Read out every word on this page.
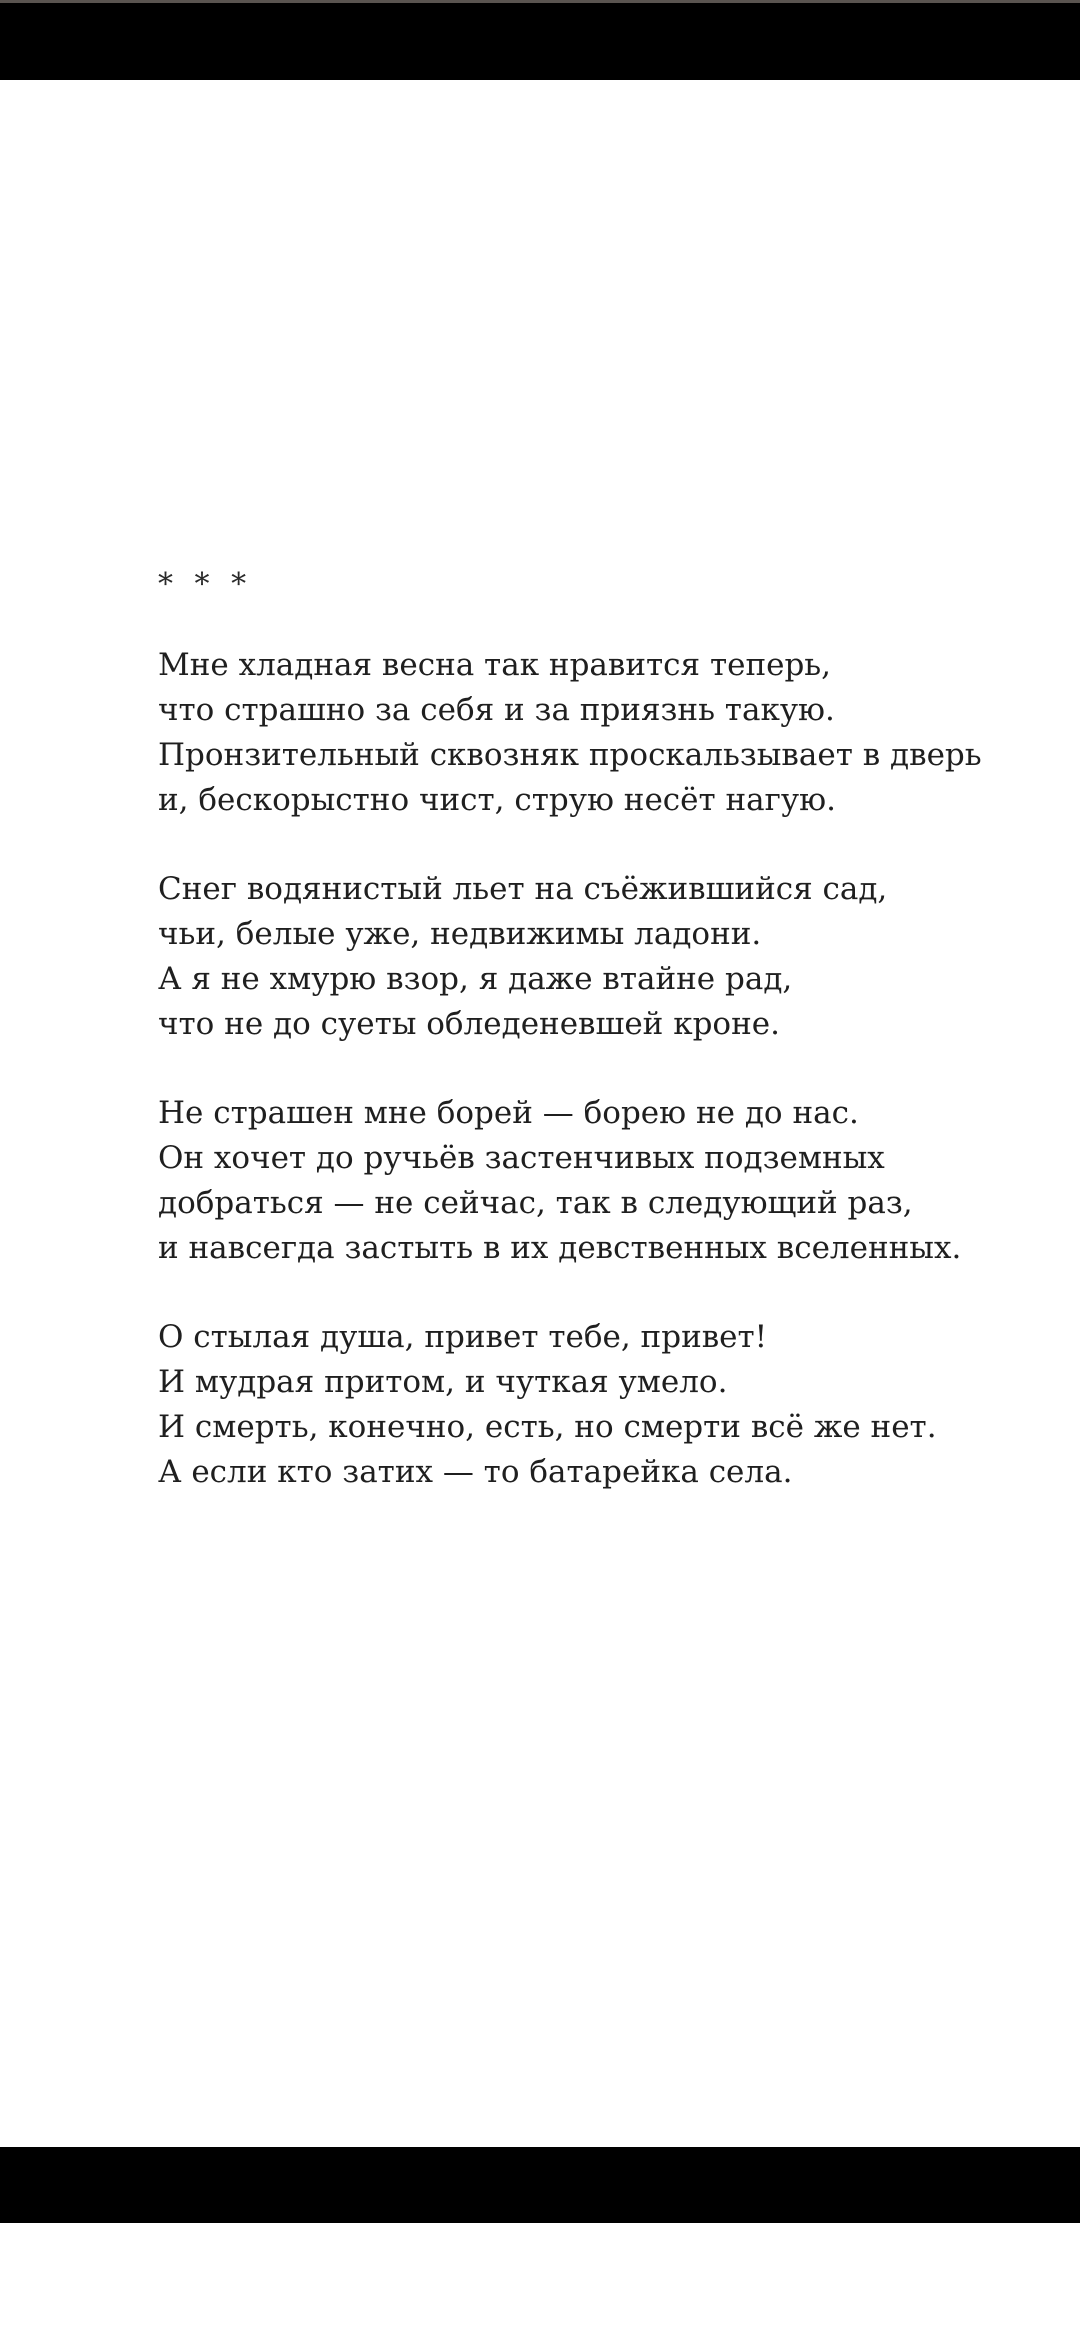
* * *
Мне хладная весна так нравится теперь,
что страшно за себя и за приязнь такую.
Пронзительный сквозняк проскальзывает в дверь
и, бескорыстно чист, струю несёт нагую.
Снег водянистый льет на съёжившийся сад,
чьи, белые уже, недвижимы ладони.
А я не хмурю взор, я даже втайне рад,
что не до суеты обледеневшей кроне.
Не страшен мне борей — борею не до нас.
Он хочет до ручьёв застенчивых подземных
добраться — не сейчас, так в следующий раз,
и навсегда застыть в их девственных вселенных.
О стылая душа, привет тебе, привет!
И мудрая притом, и чуткая умело.
И смерть, конечно, есть, но смерти всё же нет.
А если кто затих — то батарейка села.
